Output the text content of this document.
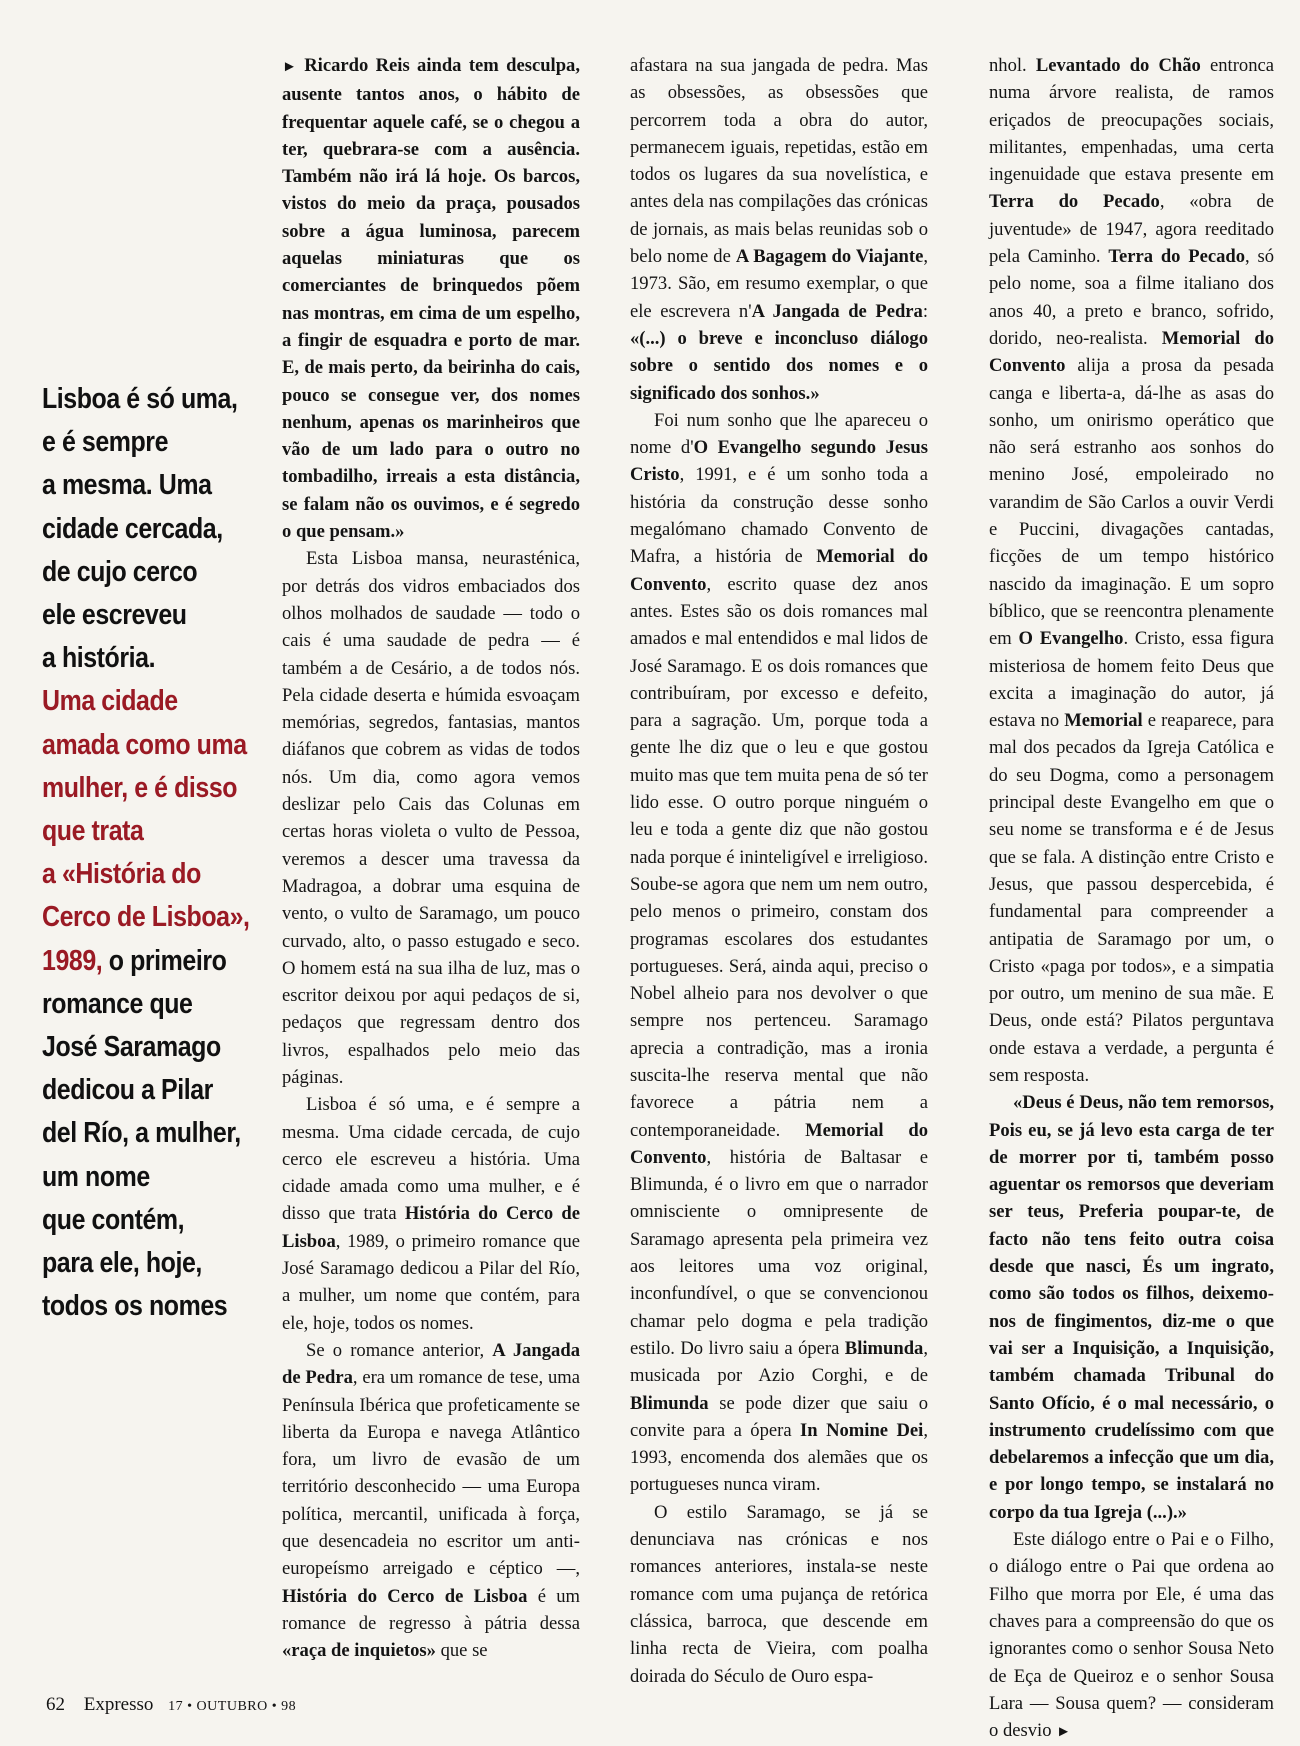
Lisboa é só uma,
e é sempre
a mesma. Uma
cidade cercada,
de cujo cerco
ele escreveu
a história.
Uma cidade
amada como uma
mulher, e é disso
que trata
a «História do
Cerco de Lisboa»,
1989, o primeiro
romance que
José Saramago
dedicou a Pilar
del Río, a mulher,
um nome
que contém,
para ele, hoje,
todos os nomes

► Ricardo Reis ainda tem desculpa, ausente tantos anos, o hábito de frequentar aquele café, se o chegou a ter, quebrara-se com a ausência. Também não irá lá hoje. Os barcos, vistos do meio da praça, pousados sobre a água luminosa, parecem aquelas miniaturas que os comerciantes de brinquedos põem nas montras, em cima de um espelho, a fingir de esquadra e porto de mar. E, de mais perto, da beirinha do cais, pouco se consegue ver, dos nomes nenhum, apenas os marinheiros que vão de um lado para o outro no tombadilho, irreais a esta distância, se falam não os ouvimos, e é segredo o que pensam.»

Esta Lisboa mansa, neurasténica, por detrás dos vidros embaciados dos olhos molhados de saudade — todo o cais é uma saudade de pedra — é também a de Cesário, a de todos nós. Pela cidade deserta e húmida esvoaçam memórias, segredos, fantasias, mantos diáfanos que cobrem as vidas de todos nós. Um dia, como agora vemos deslizar pelo Cais das Colunas em certas horas violeta o vulto de Pessoa, veremos a descer uma travessa da Madragoa, a dobrar uma esquina de vento, o vulto de Saramago, um pouco curvado, alto, o passo estugado e seco. O homem está na sua ilha de luz, mas o escritor deixou por aqui pedaços de si, pedaços que regressam dentro dos livros, espalhados pelo meio das páginas.

Lisboa é só uma, e é sempre a mesma. Uma cidade cercada, de cujo cerco ele escreveu a história. Uma cidade amada como uma mulher, e é disso que trata História do Cerco de Lisboa, 1989, o primeiro romance que José Saramago dedicou a Pilar del Río, a mulher, um nome que contém, para ele, hoje, todos os nomes.

Se o romance anterior, A Jangada de Pedra, era um romance de tese, uma Península Ibérica que profeticamente se liberta da Europa e navega Atlântico fora, um livro de evasão de um território desconhecido — uma Europa política, mercantil, unificada à força, que desencadeia no escritor um anti-europeísmo arreigado e céptico —, História do Cerco de Lisboa é um romance de regresso à pátria dessa «raça de inquietos» que se

afastara na sua jangada de pedra. Mas as obsessões, as obsessões que percorrem toda a obra do autor, permanecem iguais, repetidas, estão em todos os lugares da sua novelística, e antes dela nas compilações das crónicas de jornais, as mais belas reunidas sob o belo nome de A Bagagem do Viajante, 1973. São, em resumo exemplar, o que ele escrevera n'A Jangada de Pedra: «(...) o breve e inconcluso diálogo sobre o sentido dos nomes e o significado dos sonhos.»

Foi num sonho que lhe apareceu o nome d'O Evangelho segundo Jesus Cristo, 1991, e é um sonho toda a história da construção desse sonho megalómano chamado Convento de Mafra, a história de Memorial do Convento, escrito quase dez anos antes. Estes são os dois romances mal amados e mal entendidos e mal lidos de José Saramago. E os dois romances que contribuíram, por excesso e defeito, para a sagração. Um, porque toda a gente lhe diz que o leu e que gostou muito mas que tem muita pena de só ter lido esse. O outro porque ninguém o leu e toda a gente diz que não gostou nada porque é ininteligível e irreligioso. Soube-se agora que nem um nem outro, pelo menos o primeiro, constam dos programas escolares dos estudantes portugueses. Será, ainda aqui, preciso o Nobel alheio para nos devolver o que sempre nos pertenceu. Saramago aprecia a contradição, mas a ironia suscita-lhe reserva mental que não favorece a pátria nem a contemporaneidade. Memorial do Convento, história de Baltasar e Blimunda, é o livro em que o narrador omnisciente o omnipresente de Saramago apresenta pela primeira vez aos leitores uma voz original, inconfundível, o que se convencionou chamar pelo dogma e pela tradição estilo. Do livro saiu a ópera Blimunda, musicada por Azio Corghi, e de Blimunda se pode dizer que saiu o convite para a ópera In Nomine Dei, 1993, encomenda dos alemães que os portugueses nunca viram.

O estilo Saramago, se já se denunciava nas crónicas e nos romances anteriores, instala-se neste romance com uma pujança de retórica clássica, barroca, que descende em linha recta de Vieira, com poalha doirada do Século de Ouro espa-

nhol. Levantado do Chão entronca numa árvore realista, de ramos eriçados de preocupações sociais, militantes, empenhadas, uma certa ingenuidade que estava presente em Terra do Pecado, «obra de juventude» de 1947, agora reeditado pela Caminho. Terra do Pecado, só pelo nome, soa a filme italiano dos anos 40, a preto e branco, sofrido, dorido, neo-realista. Memorial do Convento alija a prosa da pesada canga e liberta-a, dá-lhe as asas do sonho, um onirismo operático que não será estranho aos sonhos do menino José, empoleirado no varandim de São Carlos a ouvir Verdi e Puccini, divagações cantadas, ficções de um tempo histórico nascido da imaginação. E um sopro bíblico, que se reencontra plenamente em O Evangelho. Cristo, essa figura misteriosa de homem feito Deus que excita a imaginação do autor, já estava no Memorial e reaparece, para mal dos pecados da Igreja Católica e do seu Dogma, como a personagem principal deste Evangelho em que o seu nome se transforma e é de Jesus que se fala. A distinção entre Cristo e Jesus, que passou despercebida, é fundamental para compreender a antipatia de Saramago por um, o Cristo «paga por todos», e a simpatia por outro, um menino de sua mãe. E Deus, onde está? Pilatos perguntava onde estava a verdade, a pergunta é sem resposta.

«Deus é Deus, não tem remorsos, Pois eu, se já levo esta carga de ter de morrer por ti, também posso aguentar os remorsos que deveriam ser teus, Preferia poupar-te, de facto não tens feito outra coisa desde que nasci, És um ingrato, como são todos os filhos, deixemo-nos de fingimentos, diz-me o que vai ser a Inquisição, a Inquisição, também chamada Tribunal do Santo Ofício, é o mal necessário, o instrumento crudelíssimo com que debelaremos a infecção que um dia, e por longo tempo, se instalará no corpo da tua Igreja (...).»

Este diálogo entre o Pai e o Filho, o diálogo entre o Pai que ordena ao Filho que morra por Ele, é uma das chaves para a compreensão do que os ignorantes como o senhor Sousa Neto de Eça de Queiroz e o senhor Sousa Lara — Sousa quem? — consideram o desvio ►

62 Expresso 17 • OUTUBRO • 98
